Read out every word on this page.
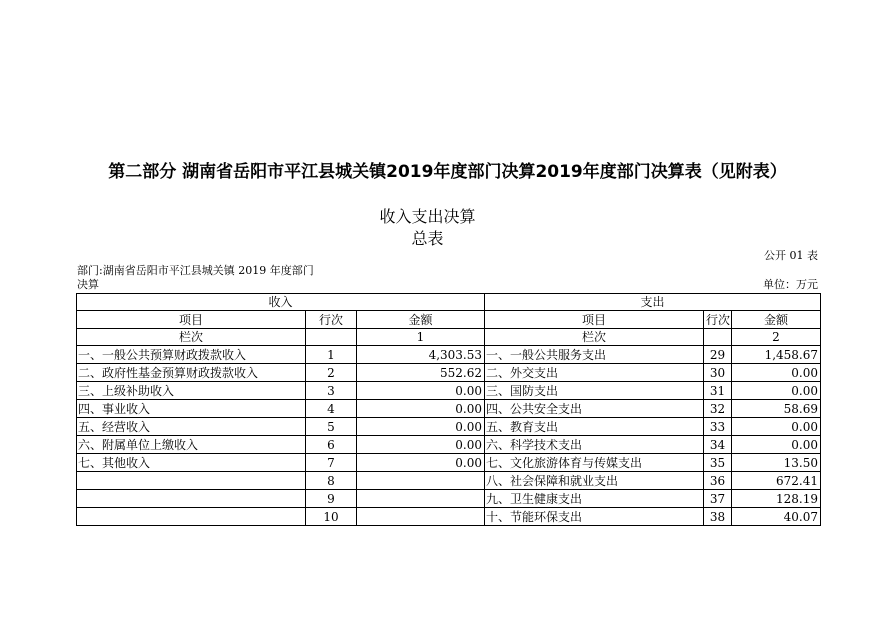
第二部分 湖南省岳阳市平江县城关镇2019年度部门决算2019年度部门决算表（见附表）
收入支出决算
总表
公开 01 表
部门:湖南省岳阳市平江县城关镇 2019 年度部门
决算	单位：万元
收入			支出		
项目	行次	金额	项目	行次	金额
栏次		1	栏次		2
一、一般公共预算财政拨款收入	1	4,303.53	一、一般公共服务支出	29	1,458.67
二、政府性基金预算财政拨款收入	2	552.62	二、外交支出	30	0.00
三、上级补助收入	3	0.00	三、国防支出	31	0.00
四、事业收入	4	0.00	四、公共安全支出	32	58.69
五、经营收入	5	0.00	五、教育支出	33	0.00
六、附属单位上缴收入	6	0.00	六、科学技术支出	34	0.00
七、其他收入	7	0.00	七、文化旅游体育与传媒支出	35	13.50
	8		八、社会保障和就业支出	36	672.41
	9		九、卫生健康支出	37	128.19
	10		十、节能环保支出	38	40.07
